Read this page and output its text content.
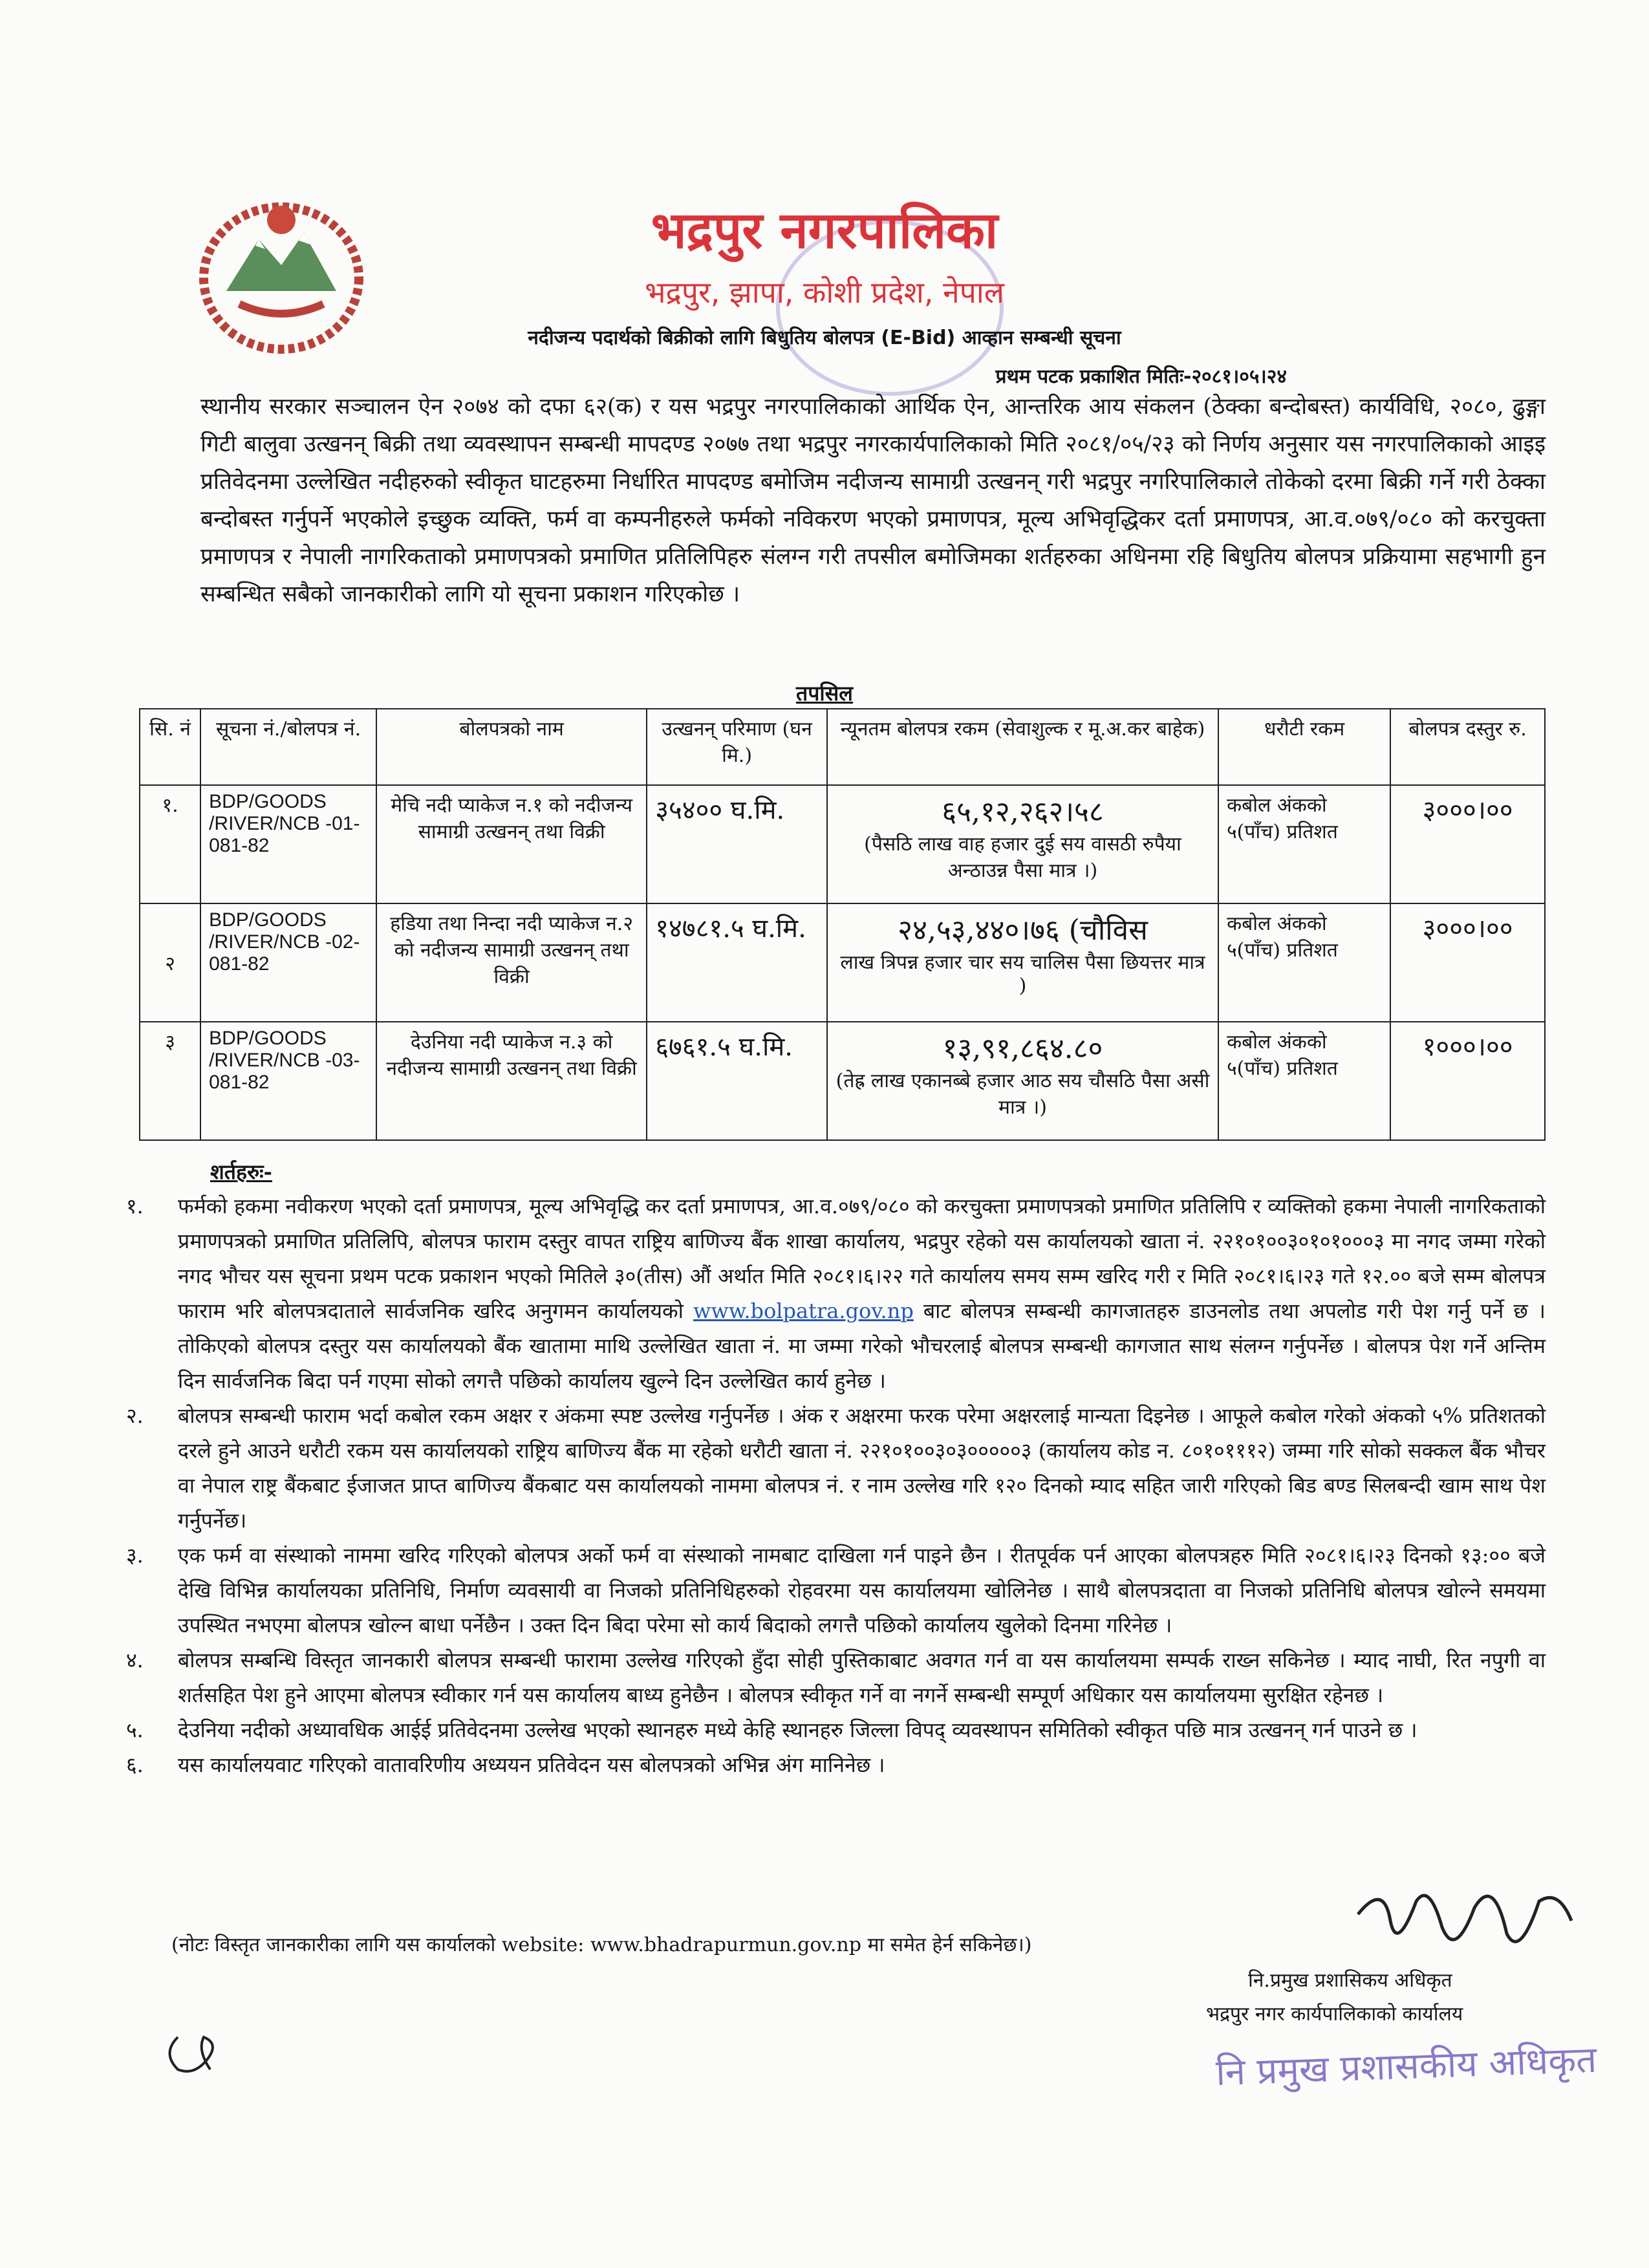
भद्रपुर नगरपालिका
भद्रपुर, झापा, कोशी प्रदेश, नेपाल
नदीजन्य पदार्थको बिक्रीको लागि बिधुतिय बोलपत्र (E-Bid) आव्हान सम्बन्धी सूचना
प्रथम पटक प्रकाशित मितिः-२०८१।०५।२४
स्थानीय सरकार सञ्चालन ऐन २०७४ को दफा ६२(क) र यस भद्रपुर नगरपालिकाको आर्थिक ऐन, आन्तरिक आय संकलन (ठेक्का बन्दोबस्त) कार्यविधि, २०८०, ढुङ्गा गिटी बालुवा उत्खनन् बिक्री तथा व्यवस्थापन सम्बन्धी मापदण्ड २०७७ तथा भद्रपुर नगरकार्यपालिकाको मिति २०८१/०५/२३ को निर्णय अनुसार यस नगरपालिकाको आइइ प्रतिवेदनमा उल्लेखित नदीहरुको स्वीकृत घाटहरुमा निर्धारित मापदण्ड बमोजिम नदीजन्य सामाग्री उत्खनन् गरी भद्रपुर नगरिपालिकाले तोकेको दरमा बिक्री गर्ने गरी ठेक्का बन्दोबस्त गर्नुपर्ने भएकोले इच्छुक व्यक्ति, फर्म वा कम्पनीहरुले फर्मको नविकरण भएको प्रमाणपत्र, मूल्य अभिवृद्धिकर दर्ता प्रमाणपत्र, आ.व.०७९/०८० को करचुक्ता प्रमाणपत्र र नेपाली नागरिकताको प्रमाणपत्रको प्रमाणित प्रतिलिपिहरु संलग्न गरी तपसील बमोजिमका शर्तहरुका अधिनमा रहि बिधुतिय बोलपत्र प्रक्रियामा सहभागी हुन सम्बन्धित सबैको जानकारीको लागि यो सूचना प्रकाशन गरिएकोछ ।
तपसिल
सि. नं	सूचना नं./बोलपत्र नं.	बोलपत्रको नाम	उत्खनन् परिमाण (घन मि.)	न्यूनतम बोलपत्र रकम (सेवाशुल्क र मू.अ.कर बाहेक)	धरौटी रकम	बोलपत्र दस्तुर रु.
१.	BDP/GOODS /RIVER/NCB -01-081-82	मेचि नदी प्याकेज न.१ को नदीजन्य सामाग्री उत्खनन् तथा विक्री	३५४०० घ.मि.	६५,१२,२६२।५८
(पैसठि लाख वाह हजार दुई सय वासठी रुपैया अन्ठाउन्न पैसा मात्र ।)	कबोल अंकको ५(पाँच) प्रतिशत	३०००।००
२	BDP/GOODS /RIVER/NCB -02-081-82	हडिया तथा निन्दा नदी प्याकेज न.२ को नदीजन्य सामाग्री उत्खनन् तथा विक्री	१४७८१.५ घ.मि.	२४,५३,४४०।७६ (चौविस
लाख त्रिपन्न हजार चार सय चालिस पैसा छियत्तर मात्र )	कबोल अंकको ५(पाँच) प्रतिशत	३०००।००
३	BDP/GOODS /RIVER/NCB -03-081-82	देउनिया नदी प्याकेज न.३ को नदीजन्य सामाग्री उत्खनन् तथा विक्री	६७६१.५ घ.मि.	१३,९१,८६४.८०
(तेह्र लाख एकानब्बे हजार आठ सय चौसठि पैसा असी मात्र ।)	कबोल अंकको ५(पाँच) प्रतिशत	१०००।००
शर्तहरुः-
१.	फर्मको हकमा नवीकरण भएको दर्ता प्रमाणपत्र, मूल्य अभिवृद्धि कर दर्ता प्रमाणपत्र, आ.व.०७९/०८० को करचुक्ता प्रमाणपत्रको प्रमाणित प्रतिलिपि र व्यक्तिको हकमा नेपाली नागरिकताको प्रमाणपत्रको प्रमाणित प्रतिलिपि, बोलपत्र फाराम दस्तुर वापत राष्ट्रिय बाणिज्य बैंक शाखा कार्यालय, भद्रपुर रहेको यस कार्यालयको खाता नं. २२१०१००३०१०१०००३ मा नगद जम्मा गरेको नगद भौचर यस सूचना प्रथम पटक प्रकाशन भएको मितिले ३०(तीस) औं अर्थात मिति २०८१।६।२२ गते कार्यालय समय सम्म खरिद गरी र मिति २०८१।६।२३ गते १२.०० बजे सम्म बोलपत्र फाराम भरि बोलपत्रदाताले सार्वजनिक खरिद अनुगमन कार्यालयको www.bolpatra.gov.np बाट बोलपत्र सम्बन्धी कागजातहरु डाउनलोड तथा अपलोड गरी पेश गर्नु पर्ने छ । तोकिएको बोलपत्र दस्तुर यस कार्यालयको बैंक खातामा माथि उल्लेखित खाता नं. मा जम्मा गरेको भौचरलाई बोलपत्र सम्बन्धी कागजात साथ संलग्न गर्नुपर्नेछ । बोलपत्र पेश गर्ने अन्तिम दिन सार्वजनिक बिदा पर्न गएमा सोको लगत्तै पछिको कार्यालय खुल्ने दिन उल्लेखित कार्य हुनेछ ।
२.	बोलपत्र सम्बन्धी फाराम भर्दा कबोल रकम अक्षर र अंकमा स्पष्ट उल्लेख गर्नुपर्नेछ । अंक र अक्षरमा फरक परेमा अक्षरलाई मान्यता दिइनेछ । आफूले कबोल गरेको अंकको ५% प्रतिशतको दरले हुने आउने धरौटी रकम यस कार्यालयको राष्ट्रिय बाणिज्य बैंक मा रहेको धरौटी खाता नं. २२१०१००३०३०००००३ (कार्यालय कोड न. ८०१०१११२) जम्मा गरि सोको सक्कल बैंक भौचर वा नेपाल राष्ट्र बैंकबाट ईजाजत प्राप्त बाणिज्य बैंकबाट यस कार्यालयको नाममा बोलपत्र नं. र नाम उल्लेख गरि १२० दिनको म्याद सहित जारी गरिएको बिड बण्ड सिलबन्दी खाम साथ पेश गर्नुपर्नेछ।
३.	एक फर्म वा संस्थाको नाममा खरिद गरिएको बोलपत्र अर्को फर्म वा संस्थाको नामबाट दाखिला गर्न पाइने छैन । रीतपूर्वक पर्न आएका बोलपत्रहरु मिति २०८१।६।२३ दिनको १३:०० बजे देखि विभिन्न कार्यालयका प्रतिनिधि, निर्माण व्यवसायी वा निजको प्रतिनिधिहरुको रोहवरमा यस कार्यालयमा खोलिनेछ । साथै बोलपत्रदाता वा निजको प्रतिनिधि बोलपत्र खोल्ने समयमा उपस्थित नभएमा बोलपत्र खोल्न बाधा पर्नेछैन । उक्त दिन बिदा परेमा सो कार्य बिदाको लगत्तै पछिको कार्यालय खुलेको दिनमा गरिनेछ ।
४.	बोलपत्र सम्बन्धि विस्तृत जानकारी बोलपत्र सम्बन्धी फारामा उल्लेख गरिएको हुँदा सोही पुस्तिकाबाट अवगत गर्न वा यस कार्यालयमा सम्पर्क राख्न सकिनेछ । म्याद नाघी, रित नपुगी वा शर्तसहित पेश हुने आएमा बोलपत्र स्वीकार गर्न यस कार्यालय बाध्य हुनेछैन । बोलपत्र स्वीकृत गर्ने वा नगर्ने सम्बन्धी सम्पूर्ण अधिकार यस कार्यालयमा सुरक्षित रहेनछ ।
५.	देउनिया नदीको अध्यावधिक आईई प्रतिवेदनमा उल्लेख भएको स्थानहरु मध्ये केहि स्थानहरु जिल्ला विपद् व्यवस्थापन समितिको स्वीकृत पछि मात्र उत्खनन् गर्न पाउने छ ।
६.	यस कार्यालयवाट गरिएको वातावरिणीय अध्ययन प्रतिवेदन यस बोलपत्रको अभिन्न अंग मानिनेछ ।
(नोटः विस्तृत जानकारीका लागि यस कार्यालको website: www.bhadrapurmun.gov.np मा समेत हेर्न सकिनेछ।)
नि.प्रमुख प्रशासिकय अधिकृत
भद्रपुर नगर कार्यपालिकाको कार्यालय
नि प्रमुख प्रशासकीय अधिकृत
